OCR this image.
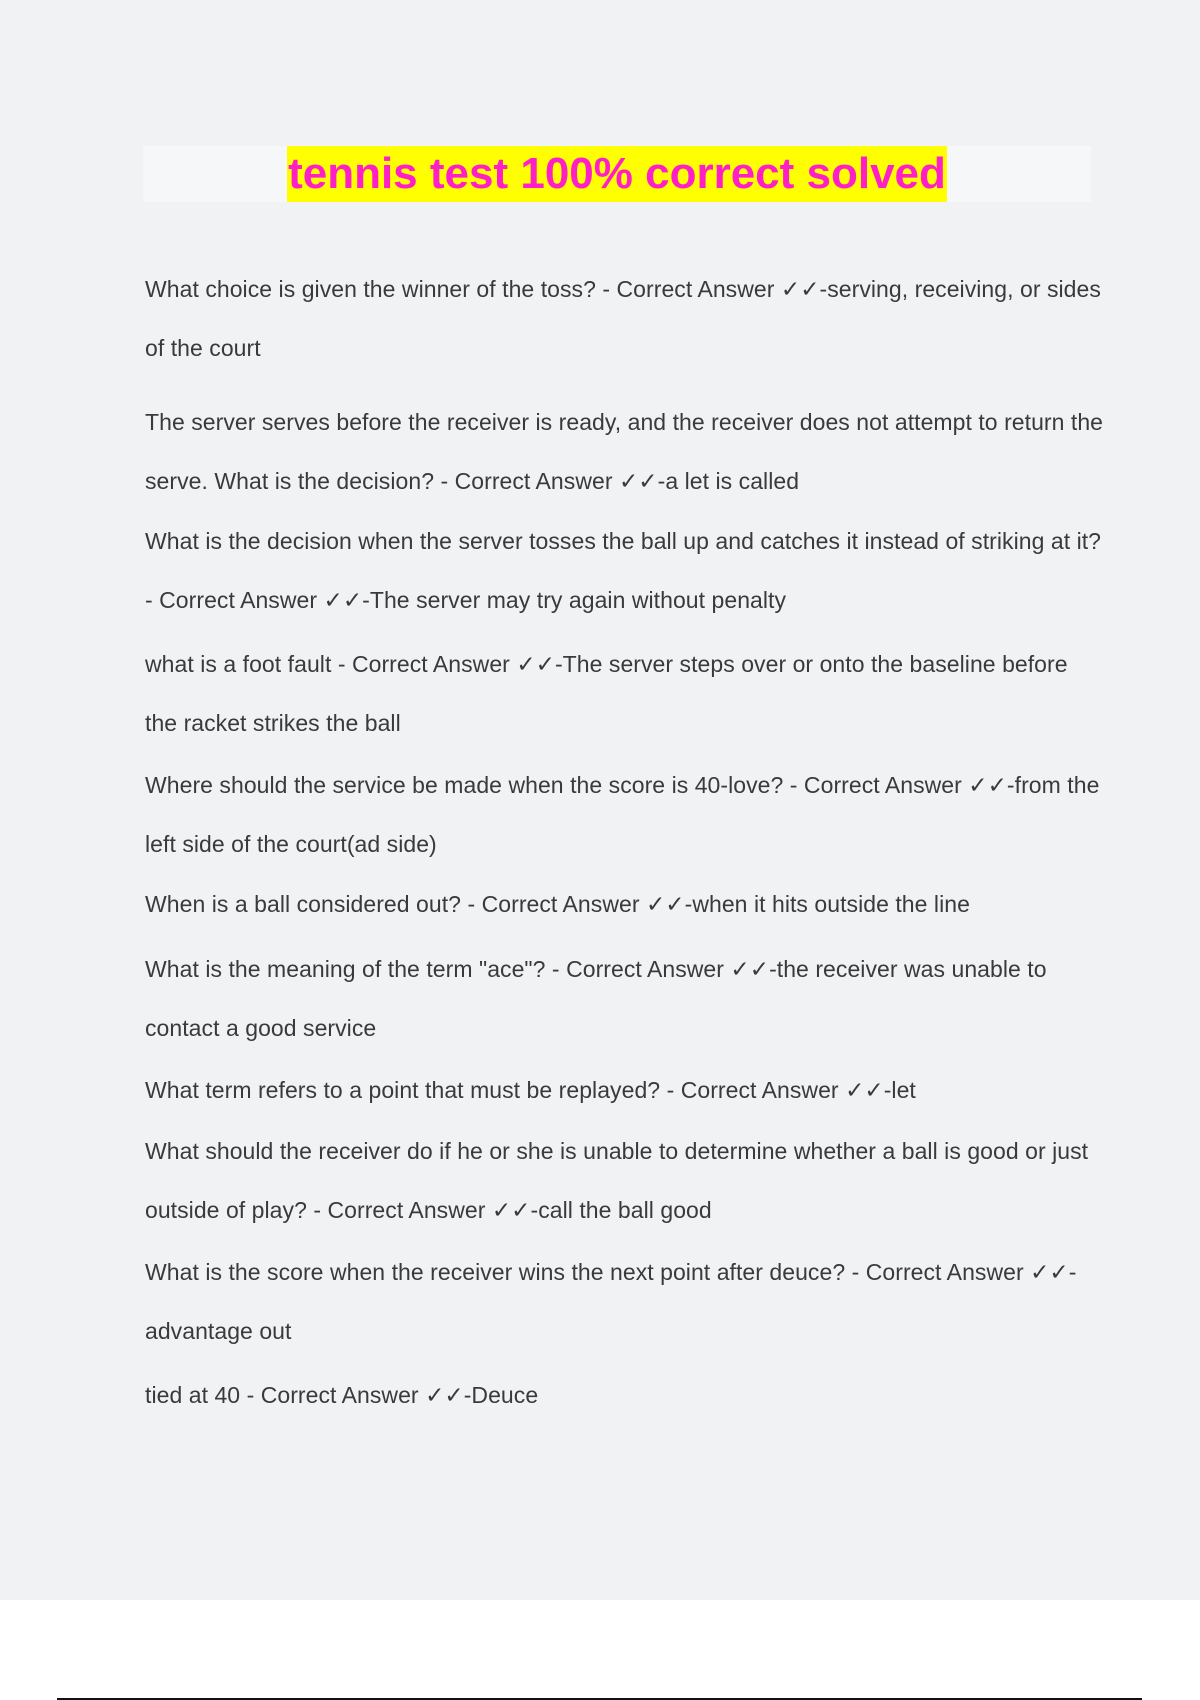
tennis test 100% correct solved

What choice is given the winner of the toss? - Correct Answer ✓✓-serving, receiving, or sides of the court

The server serves before the receiver is ready, and the receiver does not attempt to return the serve. What is the decision? - Correct Answer ✓✓-a let is called

What is the decision when the server tosses the ball up and catches it instead of striking at it? - Correct Answer ✓✓-The server may try again without penalty

what is a foot fault - Correct Answer ✓✓-The server steps over or onto the baseline before the racket strikes the ball

Where should the service be made when the score is 40-love? - Correct Answer ✓✓-from the left side of the court(ad side)

When is a ball considered out? - Correct Answer ✓✓-when it hits outside the line

What is the meaning of the term "ace"? - Correct Answer ✓✓-the receiver was unable to contact a good service

What term refers to a point that must be replayed? - Correct Answer ✓✓-let

What should the receiver do if he or she is unable to determine whether a ball is good or just outside of play? - Correct Answer ✓✓-call the ball good

What is the score when the receiver wins the next point after deuce? - Correct Answer ✓✓-advantage out

tied at 40 - Correct Answer ✓✓-Deuce
